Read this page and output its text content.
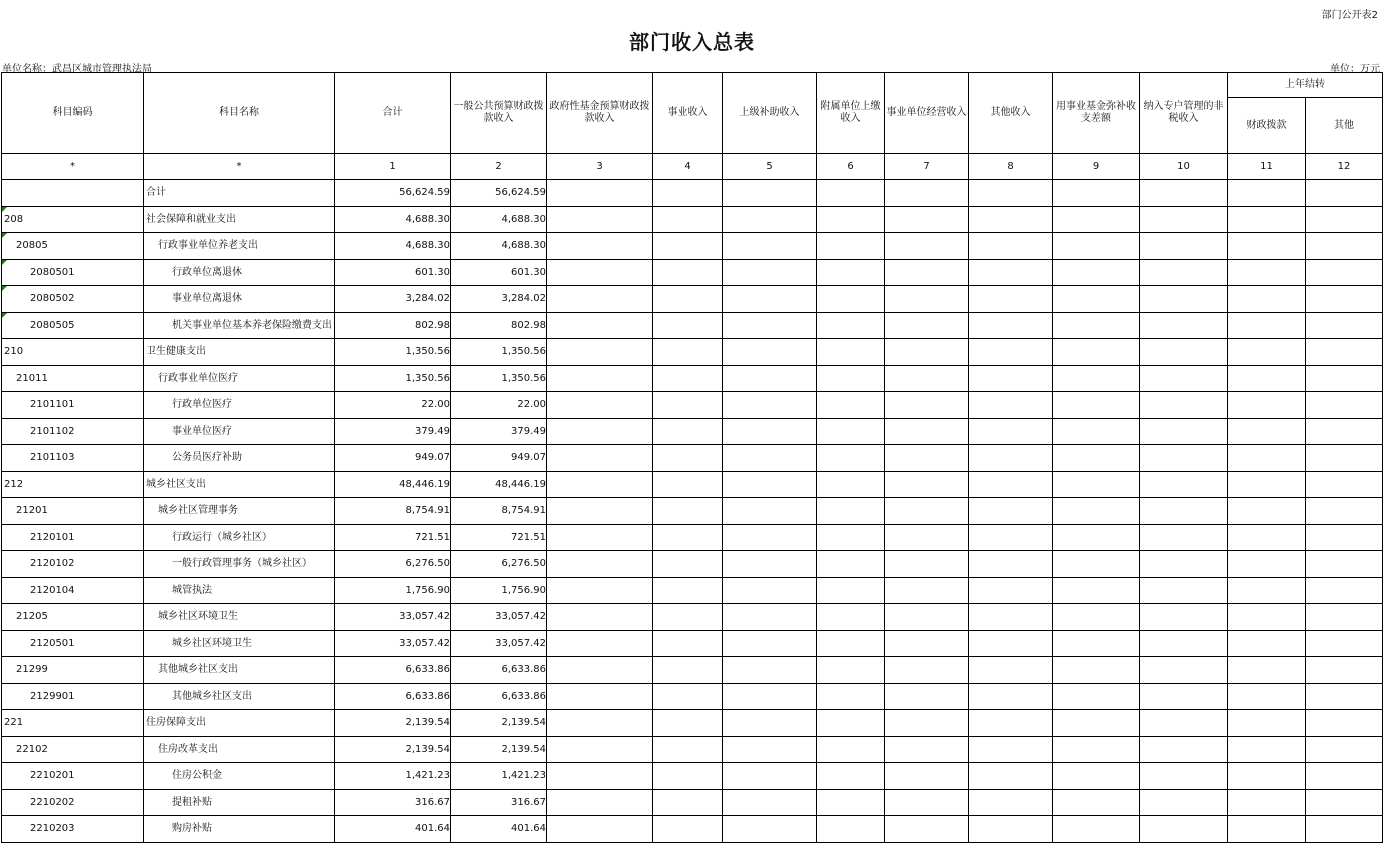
部门公开表2
部门收入总表
单位名称：武昌区城市管理执法局	单位：万元
科目编码	科目名称	合计	一般公共预算财政拨款收入	政府性基金预算财政拨款收入	事业收入	上级补助收入	附属单位上缴收入	事业单位经营收入	其他收入	用事业基金弥补收支差额	纳入专户管理的非税收入	上年结转	
												财政拨款	其他
*	*	1	2	3	4	5	6	7	8	9	10	11	12
	合计	56,624.59	56,624.59										

208	社会保障和就业支出	4,688.30	4,688.30										

20805	行政事业单位养老支出	4,688.30	4,688.30										

2080501	行政单位离退休	601.30	601.30										

2080502	事业单位离退休	3,284.02	3,284.02										

2080505	机关事业单位基本养老保险缴费支出	802.98	802.98										
210	卫生健康支出	1,350.56	1,350.56										
21011	行政事业单位医疗	1,350.56	1,350.56										
2101101	行政单位医疗	22.00	22.00										
2101102	事业单位医疗	379.49	379.49										
2101103	公务员医疗补助	949.07	949.07										
212	城乡社区支出	48,446.19	48,446.19										
21201	城乡社区管理事务	8,754.91	8,754.91										
2120101	行政运行（城乡社区）	721.51	721.51										
2120102	一般行政管理事务（城乡社区）	6,276.50	6,276.50										
2120104	城管执法	1,756.90	1,756.90										
21205	城乡社区环境卫生	33,057.42	33,057.42										
2120501	城乡社区环境卫生	33,057.42	33,057.42										
21299	其他城乡社区支出	6,633.86	6,633.86										
2129901	其他城乡社区支出	6,633.86	6,633.86										
221	住房保障支出	2,139.54	2,139.54										
22102	住房改革支出	2,139.54	2,139.54										
2210201	住房公积金	1,421.23	1,421.23										
2210202	提租补贴	316.67	316.67										
2210203	购房补贴	401.64	401.64										
